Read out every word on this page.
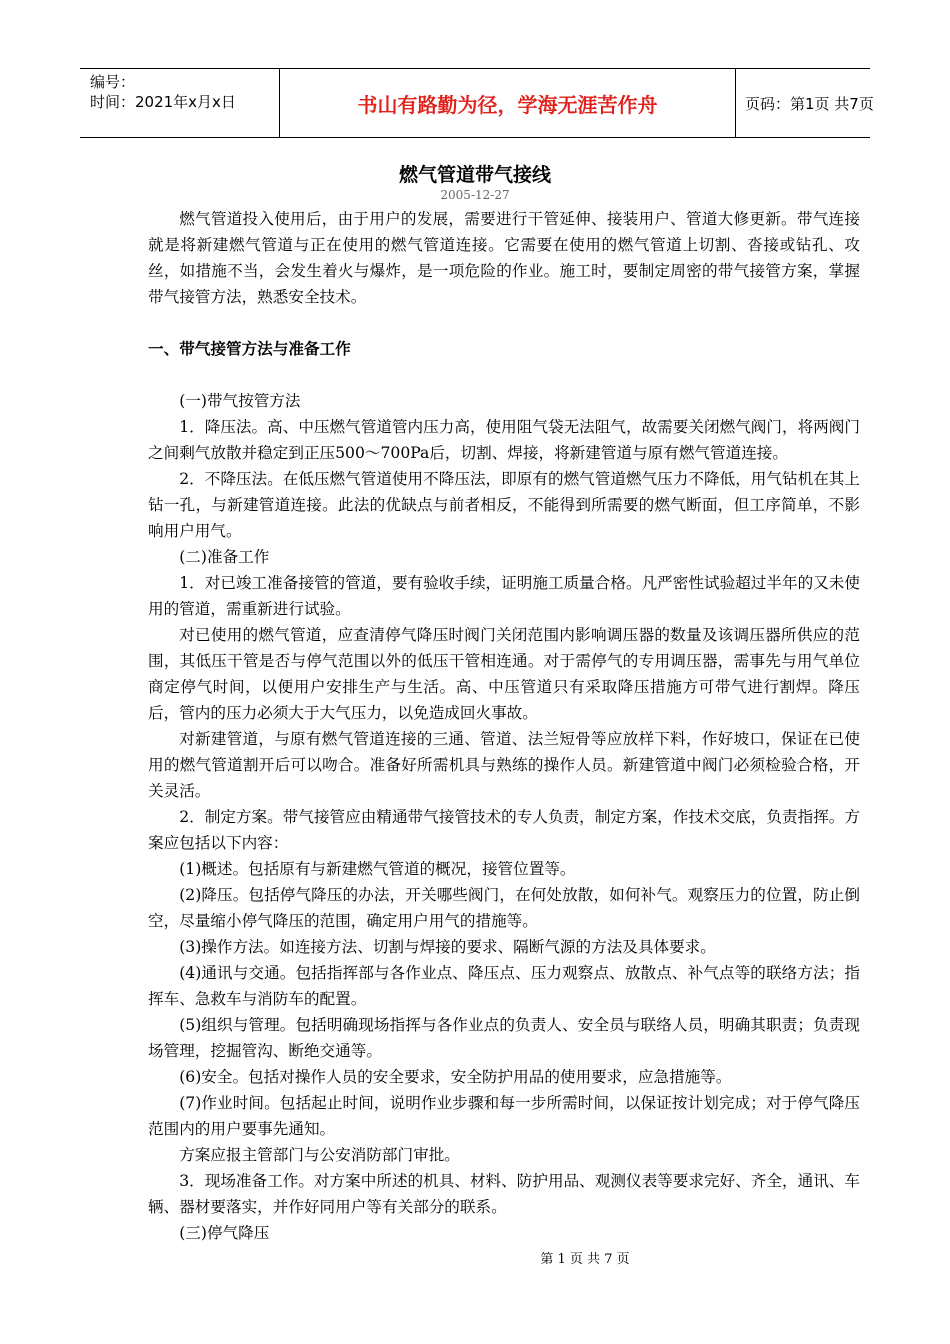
编号：
时间：2021年x月x日	书山有路勤为径，学海无涯苦作舟	页码：第1页 共7页
燃气管道带气接线
2005-12-27

燃气管道投入使用后，由于用户的发展，需要进行干管延伸、接装用户、管道大修更新。带气连接就是将新建燃气管道与正在使用的燃气管道连接。它需要在使用的燃气管道上切割、沓接或钻孔、攻丝，如措施不当，会发生着火与爆炸，是一项危险的作业。施工时，要制定周密的带气接管方案，掌握带气接管方法，熟悉安全技术。

一、带气接管方法与准备工作

(一)带气按管方法

1．降压法。高、中压燃气管道管内压力高，使用阻气袋无法阻气，故需要关闭燃气阀门，将两阀门之间剩气放散并稳定到正压500～700Pa后，切割、焊接，将新建管道与原有燃气管道连接。

2．不降压法。在低压燃气管道使用不降压法，即原有的燃气管道燃气压力不降低，用气钻机在其上钻一孔，与新建管道连接。此法的优缺点与前者相反，不能得到所需要的燃气断面，但工序简单，不影响用户用气。

(二)准备工作

1．对已竣工准备接管的管道，要有验收手续，证明施工质量合格。凡严密性试验超过半年的又未使用的管道，需重新进行试验。

对已使用的燃气管道，应查清停气降压时阀门关闭范围内影响调压器的数量及该调压器所供应的范围，其低压干管是否与停气范围以外的低压干管相连通。对于需停气的专用调压器，需事先与用气单位商定停气时间，以便用户安排生产与生活。高、中压管道只有采取降压措施方可带气进行割焊。降压后，管内的压力必须大于大气压力，以免造成回火事故。

对新建管道，与原有燃气管道连接的三通、管道、法兰短骨等应放样下料，作好坡口，保证在已使用的燃气管道割开后可以吻合。准备好所需机具与熟练的操作人员。新建管道中阀门必须检验合格，开关灵活。

2．制定方案。带气接管应由精通带气接管技术的专人负责，制定方案，作技术交底，负责指挥。方案应包括以下内容：

(1)概述。包括原有与新建燃气管道的概况，接管位置等。

(2)降压。包括停气降压的办法，开关哪些阀门，在何处放散，如何补气。观察压力的位置，防止倒空，尽量缩小停气降压的范围，确定用户用气的措施等。

(3)操作方法。如连接方法、切割与焊接的要求、隔断气源的方法及具体要求。

(4)通讯与交通。包括指挥部与各作业点、降压点、压力观察点、放散点、补气点等的联络方法；指挥车、急救车与消防车的配置。

(5)组织与管理。包括明确现场指挥与各作业点的负责人、安全员与联络人员，明确其职责；负责现场管理，挖掘管沟、断绝交通等。

(6)安全。包括对操作人员的安全要求，安全防护用品的使用要求，应急措施等。

(7)作业时间。包括起止时间，说明作业步骤和每一步所需时间，以保证按计划完成；对于停气降压范围内的用户要事先通知。

方案应报主管部门与公安消防部门审批。

3．现场准备工作。对方案中所述的机具、材料、防护用品、观测仪表等要求完好、齐全，通讯、车辆、器材要落实，并作好同用户等有关部分的联系。

(三)停气降压

第 1 页 共 7 页
